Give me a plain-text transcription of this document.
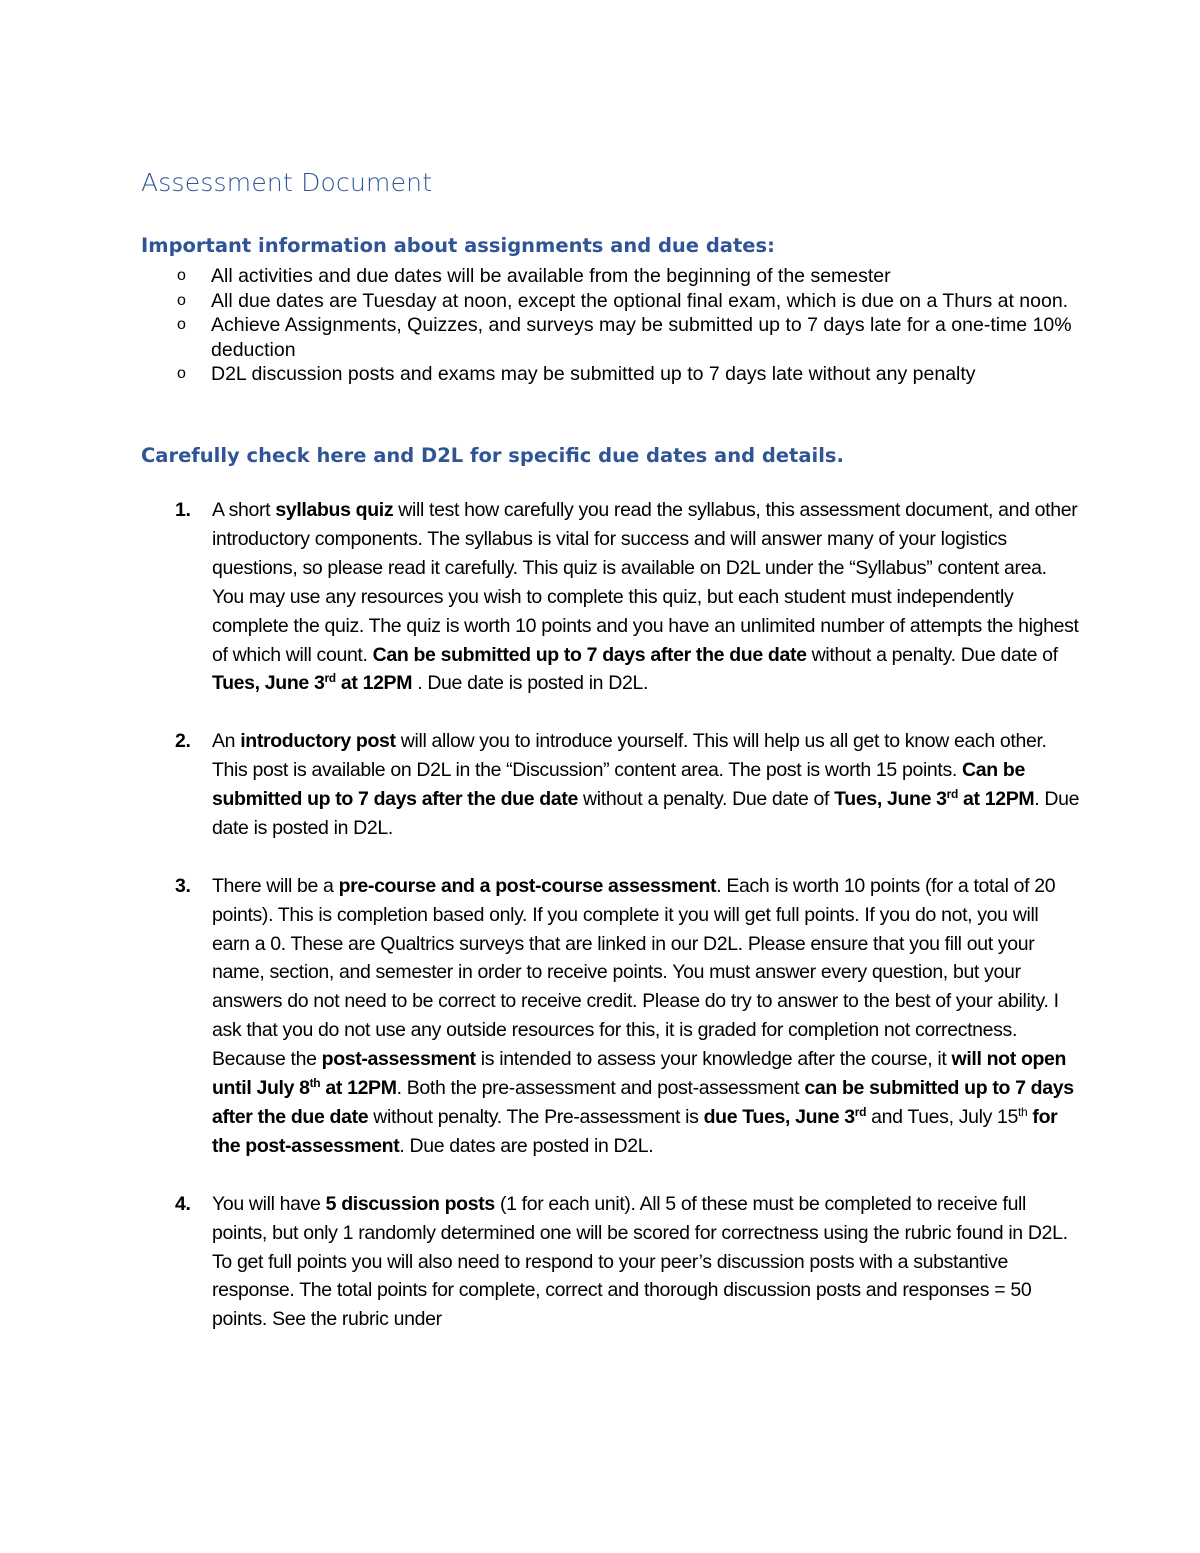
Assessment Document
Important information about assignments and due dates:
o All activities and due dates will be available from the beginning of the semester
o All due dates are Tuesday at noon, except the optional final exam, which is due on a Thurs at noon.
o Achieve Assignments, Quizzes, and surveys may be submitted up to 7 days late for a one-time 10% deduction
o D2L discussion posts and exams may be submitted up to 7 days late without any penalty
Carefully check here and D2L for specific due dates and details.
1. A short syllabus quiz will test how carefully you read the syllabus, this assessment document, and other introductory components. The syllabus is vital for success and will answer many of your logistics questions, so please read it carefully. This quiz is available on D2L under the “Syllabus” content area. You may use any resources you wish to complete this quiz, but each student must independently complete the quiz. The quiz is worth 10 points and you have an unlimited number of attempts the highest of which will count. Can be submitted up to 7 days after the due date without a penalty. Due date of Tues, June 3rd at 12PM . Due date is posted in D2L.

2. An introductory post will allow you to introduce yourself. This will help us all get to know each other. This post is available on D2L in the “Discussion” content area. The post is worth 15 points. Can be submitted up to 7 days after the due date without a penalty. Due date of Tues, June 3rd at 12PM. Due date is posted in D2L.

3. There will be a pre-course and a post-course assessment. Each is worth 10 points (for a total of 20 points). This is completion based only. If you complete it you will get full points. If you do not, you will earn a 0. These are Qualtrics surveys that are linked in our D2L. Please ensure that you fill out your name, section, and semester in order to receive points. You must answer every question, but your answers do not need to be correct to receive credit. Please do try to answer to the best of your ability. I ask that you do not use any outside resources for this, it is graded for completion not correctness. Because the post-assessment is intended to assess your knowledge after the course, it will not open until July 8th at 12PM. Both the pre-assessment and post-assessment can be submitted up to 7 days after the due date without penalty. The Pre-assessment is due Tues, June 3rd and Tues, July 15th for the post-assessment. Due dates are posted in D2L.

4. You will have 5 discussion posts (1 for each unit). All 5 of these must be completed to receive full points, but only 1 randomly determined one will be scored for correctness using the rubric found in D2L. To get full points you will also need to respond to your peer’s discussion posts with a substantive response. The total points for complete, correct and thorough discussion posts and responses = 50 points. See the rubric under
